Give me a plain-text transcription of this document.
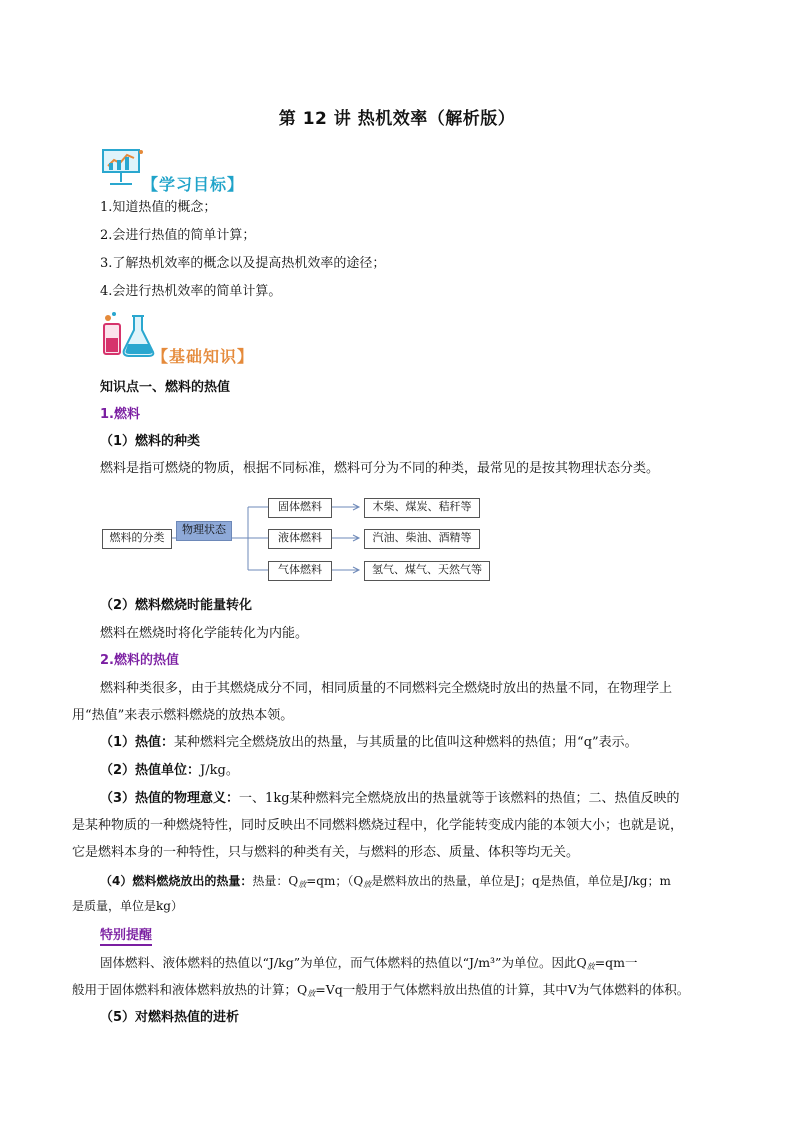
第 12 讲 热机效率（解析版）
【学习目标】
1.知道热值的概念；
2.会进行热值的简单计算；
3.了解热机效率的概念以及提高热机效率的途径；
4.会进行热机效率的简单计算。
【基础知识】
知识点一、燃料的热值
1.燃料
（1）燃料的种类
燃料是指可燃烧的物质，根据不同标准，燃料可分为不同的种类，最常见的是按其物理状态分类。
燃料的分类
物理状态
固体燃料
液体燃料
气体燃料
木柴、煤炭、秸秆等
汽油、柴油、酒精等
氢气、煤气、天然气等
（2）燃料燃烧时能量转化
燃料在燃烧时将化学能转化为内能。
2.燃料的热值
燃料种类很多，由于其燃烧成分不同，相同质量的不同燃料完全燃烧时放出的热量不同，在物理学上
用“热值”来表示燃料燃烧的放热本领。
（1）热值：某种燃料完全燃烧放出的热量，与其质量的比值叫这种燃料的热值；用“q”表示。
（2）热值单位：J/kg。
（3）热值的物理意义：一、1kg某种燃料完全燃烧放出的热量就等于该燃料的热值；二、热值反映的
是某种物质的一种燃烧特性，同时反映出不同燃料燃烧过程中，化学能转变成内能的本领大小；也就是说，
它是燃料本身的一种特性，只与燃料的种类有关，与燃料的形态、质量、体积等均无关。
（4）燃料燃烧放出的热量：热量：$Q_放=qm$；（$Q_放$是燃料放出的热量，单位是J；q是热值，单位是J/kg；m
是质量，单位是kg）
特别提醒
固体燃料、液体燃料的热值以“J/kg”为单位，而气体燃料的热值以“J/m³”为单位。因此$Q_放=qm$一
般用于固体燃料和液体燃料放热的计算；$Q_放=Vq$一般用于气体燃料放出热值的计算，其中V为气体燃料的体积。
（5）对燃料热值的进析
